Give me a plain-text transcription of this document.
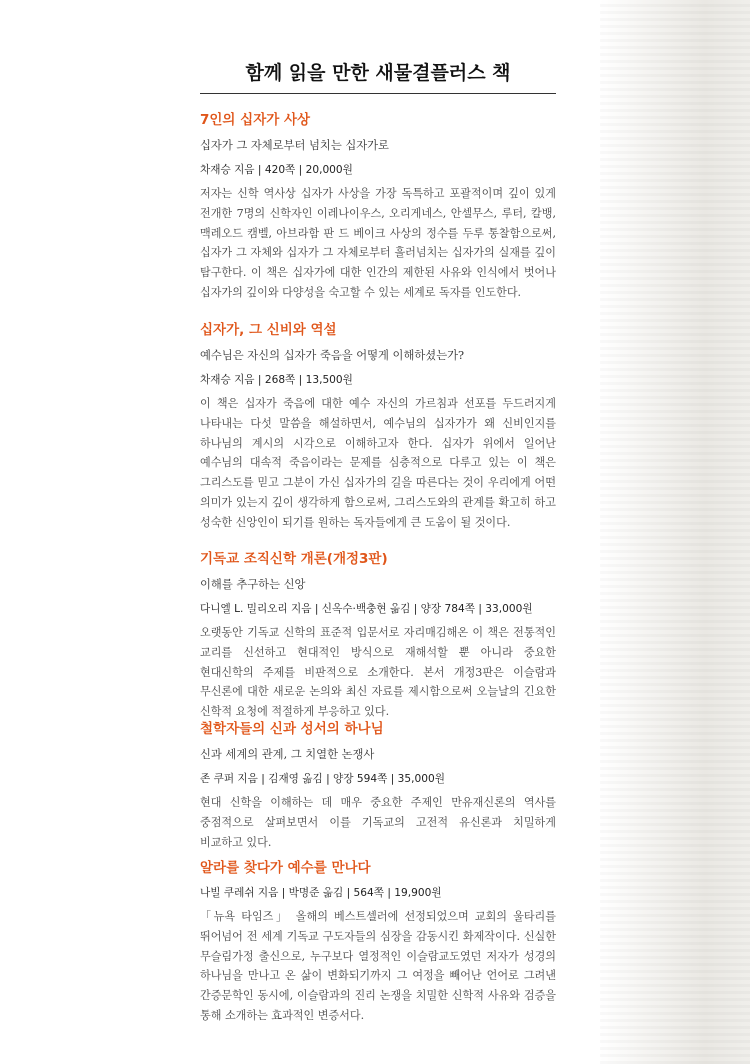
함께 읽을 만한 새물결플러스 책
7인의 십자가 사상

십자가 그 자체로부터 넘치는 십자가로

차재승 지음 | 420쪽 | 20,000원

저자는 신학 역사상 십자가 사상을 가장 독특하고 포괄적이며 깊이 있게 전개한 7명의 신학자인 이레나이우스, 오리게네스, 안셀무스, 루터, 칼뱅, 맥레오드 캠벨, 아브라함 판 드 베이크 사상의 정수를 두루 통찰함으로써, 십자가 그 자체와 십자가 그 자체로부터 흘러넘치는 십자가의 실재를 깊이 탐구한다. 이 책은 십자가에 대한 인간의 제한된 사유와 인식에서 벗어나 십자가의 깊이와 다양성을 숙고할 수 있는 세계로 독자를 인도한다.

십자가, 그 신비와 역설

예수님은 자신의 십자가 죽음을 어떻게 이해하셨는가?

차재승 지음 | 268쪽 | 13,500원

이 책은 십자가 죽음에 대한 예수 자신의 가르침과 선포를 두드러지게 나타내는 다섯 말씀을 해설하면서, 예수님의 십자가가 왜 신비인지를 하나님의 계시의 시각으로 이해하고자 한다. 십자가 위에서 일어난 예수님의 대속적 죽음이라는 문제를 심층적으로 다루고 있는 이 책은 그리스도를 믿고 그분이 가신 십자가의 길을 따른다는 것이 우리에게 어떤 의미가 있는지 깊이 생각하게 함으로써, 그리스도와의 관계를 확고히 하고 성숙한 신앙인이 되기를 원하는 독자들에게 큰 도움이 될 것이다.

기독교 조직신학 개론(개정3판)

이해를 추구하는 신앙

다니엘 L. 밀리오리 지음 | 신옥수·백충현 옮김 | 양장 784쪽 | 33,000원

오랫동안 기독교 신학의 표준적 입문서로 자리매김해온 이 책은 전통적인 교리를 신선하고 현대적인 방식으로 재해석할 뿐 아니라 중요한 현대신학의 주제를 비판적으로 소개한다. 본서 개정3판은 이슬람과 무신론에 대한 새로운 논의와 최신 자료를 제시함으로써 오늘날의 긴요한 신학적 요청에 적절하게 부응하고 있다.

철학자들의 신과 성서의 하나님

신과 세계의 관계, 그 치열한 논쟁사

존 쿠퍼 지음 | 김재영 옮김 | 양장 594쪽 | 35,000원

현대 신학을 이해하는 데 매우 중요한 주제인 만유재신론의 역사를 중점적으로 살펴보면서 이를 기독교의 고전적 유신론과 치밀하게 비교하고 있다.

알라를 찾다가 예수를 만나다

나빌 쿠레쉬 지음 | 박명준 옮김 | 564쪽 | 19,900원

「뉴욕 타임즈」 올해의 베스트셀러에 선정되었으며 교회의 울타리를 뛰어넘어 전 세계 기독교 구도자들의 심장을 감동시킨 화제작이다. 신실한 무슬림가정 출신으로, 누구보다 열정적인 이슬람교도였던 저자가 성경의 하나님을 만나고 온 삶이 변화되기까지 그 여정을 빼어난 언어로 그려낸 간증문학인 동시에, 이슬람과의 진리 논쟁을 치밀한 신학적 사유와 검증을 통해 소개하는 효과적인 변증서다.
